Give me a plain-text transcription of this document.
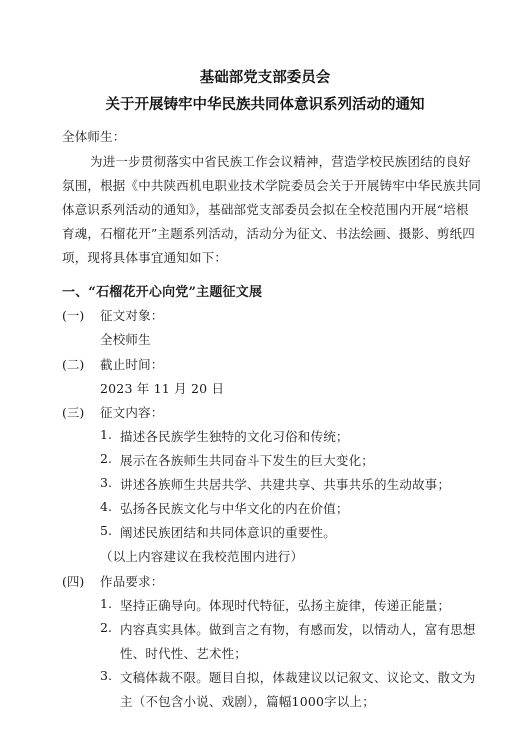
基础部党支部委员会
关于开展铸牢中华民族共同体意识系列活动的通知
全体师生：
为进一步贯彻落实中省民族工作会议精神，营造学校民族团结的良好
氛围，根据《中共陕西机电职业技术学院委员会关于开展铸牢中华民族共同
体意识系列活动的通知》，基础部党支部委员会拟在全校范围内开展“培根
育魂，石榴花开”主题系列活动，活动分为征文、书法绘画、摄影、剪纸四
项，现将具体事宜通知如下：
一、“石榴花开心向党”主题征文展
(一) 征文对象：
全校师生
(二) 截止时间：
2023 年 11 月 20 日
(三) 征文内容：
1. 描述各民族学生独特的文化习俗和传统；
2. 展示在各族师生共同奋斗下发生的巨大变化；
3. 讲述各族师生共居共学、共建共享、共事共乐的生动故事；
4. 弘扬各民族文化与中华文化的内在价值；
5. 阐述民族团结和共同体意识的重要性。
（以上内容建议在我校范围内进行）
(四) 作品要求：
1. 坚持正确导向。体现时代特征，弘扬主旋律，传递正能量；
2. 内容真实具体。做到言之有物，有感而发，以情动人，富有思想
性、时代性、艺术性；
3. 文稿体裁不限。题目自拟，体裁建议以记叙文、议论文、散文为
主（不包含小说、戏剧），篇幅1000字以上；
